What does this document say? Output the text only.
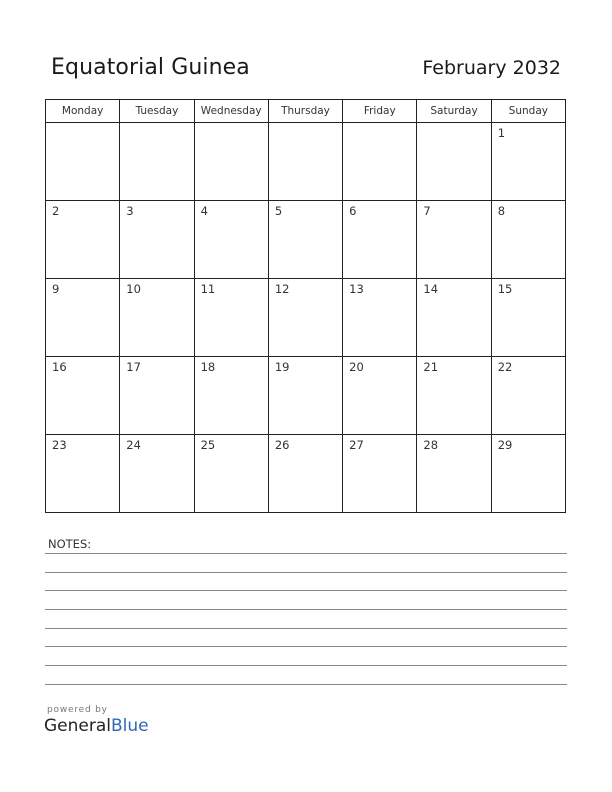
Equatorial Guinea	February 2032
Monday	Tuesday	Wednesday	Thursday	Friday	Saturday	Sunday

						1

2	3	4	5	6	7	8

9	10	11	12	13	14	15

16	17	18	19	20	21	22

23	24	25	26	27	28	29
NOTES:
powered by
GeneralBlue
